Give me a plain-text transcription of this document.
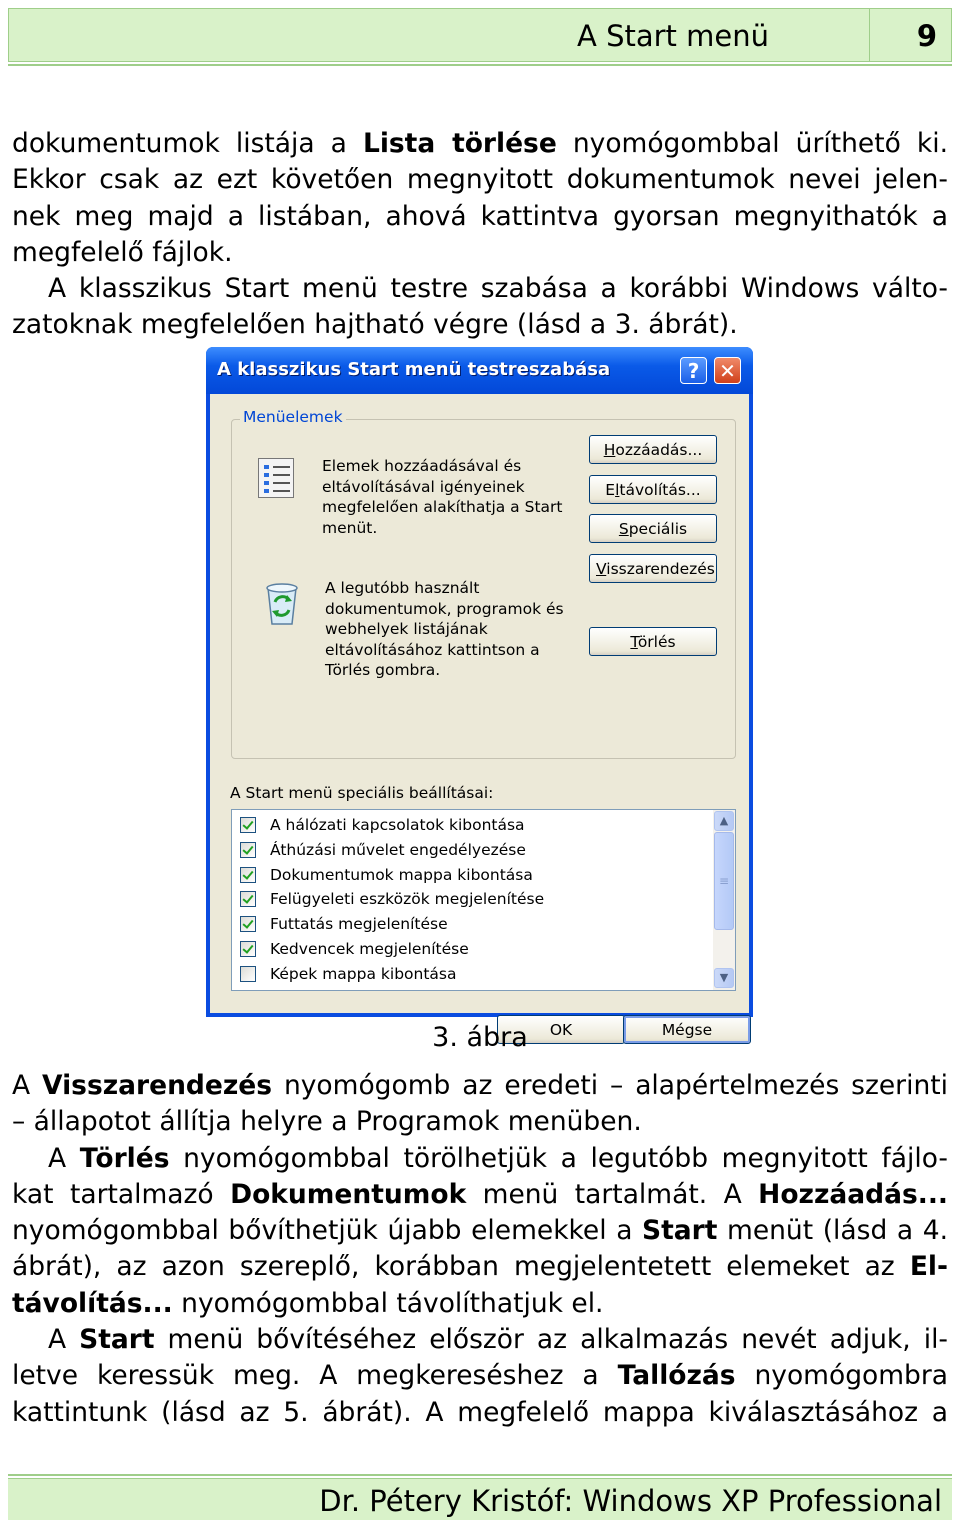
A Start menü	9
dokumentumok listája a Lista törlése nyomógombbal üríthető ki.
Ekkor csak az ezt követően megnyitott dokumentumok nevei jelen-
nek meg majd a listában, ahová kattintva gyorsan megnyithatók a
megfelelő fájlok.
A klasszikus Start menü testre szabása a korábbi Windows válto-
zatoknak megfelelően hajtható végre (lásd a 3. ábrát).
A klasszikus Start menü testreszabása	? ✕
Menüelemek
Elemek hozzáadásával és eltávolításával igényeinek megfelelően alakíthatja a Start menüt.
A legutóbb használt dokumentumok, programok és webhelyek listájának eltávolításához kattintson a Törlés gombra.
Hozzáadás...
Eltávolítás...
Speciális
Visszarendezés
Törlés
A Start menü speciális beállításai:
A hálózati kapcsolatok kibontása
Áthúzási művelet engedélyezése
Dokumentumok mappa kibontása
Felügyeleti eszközök megjelenítése
Futtatás megjelenítése
Kedvencek megjelenítése
Képek mappa kibontása
▲
≡
▼
OK	Mégse
3. ábra
A Visszarendezés nyomógomb az eredeti – alapértelmezés szerinti
– állapotot állítja helyre a Programok menüben.
A Törlés nyomógombbal törölhetjük a legutóbb megnyitott fájlo-
kat tartalmazó Dokumentumok menü tartalmát. A Hozzáadás...
nyomógombbal bővíthetjük újabb elemekkel a Start menüt (lásd a 4.
ábrát), az azon szereplő, korábban megjelentetett elemeket az El-
távolítás... nyomógombbal távolíthatjuk el.
A Start menü bővítéséhez először az alkalmazás nevét adjuk, il-
letve keressük meg. A megkereséshez a Tallózás nyomógombra
kattintunk (lásd az 5. ábrát). A megfelelő mappa kiválasztásához a
Dr. Pétery Kristóf: Windows XP Professional
